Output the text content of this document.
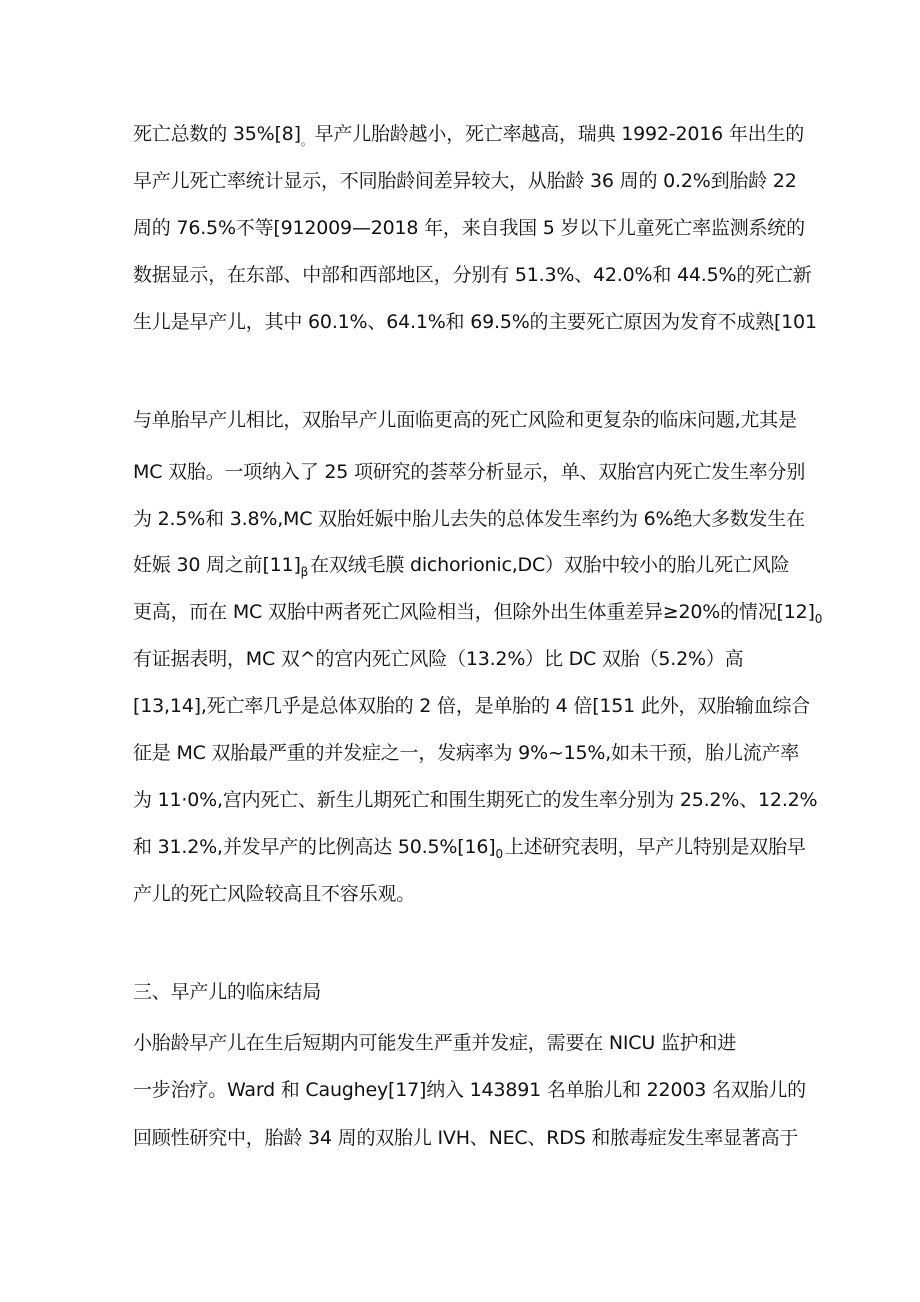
死亡总数的 $35\%[8]_。$ 早产儿胎龄越小，死亡率越高，瑞典 1992-2016 年出生的
早产儿死亡率统计显示，不同胎龄间差异较大，从胎龄 36 周的 0.2%到胎龄 22
周的 76.5%不等[912009—2018 年，来自我国 5 岁以下儿童死亡率监测系统的
数据显示，在东部、中部和西部地区，分别有 51.3%、42.0%和 44.5%的死亡新
生儿是早产儿，其中 60.1%、64.1%和 69.5%的主要死亡原因为发育不成熟[101
与单胎早产儿相比，双胎早产儿面临更高的死亡风险和更复杂的临床问题,尤其是
MC 双胎。一项纳入了 25 项研究的荟萃分析显示，单、双胎宫内死亡发生率分别
为 2.5%和 3.8%,MC 双胎妊娠中胎儿去失的总体发生率约为 6%绝大多数发生在
妊娠 30 周之前$[11]_\beta$ 在双绒毛膜 dichorionic,DC）双胎中较小的胎儿死亡风险
更高，而在 MC 双胎中两者死亡风险相当，但除外出生体重差异≥20%的情况$[12]_0$
有证据表明，MC 双^的宫内死亡风险（13.2%）比 DC 双胎（5.2%）高
[13,14],死亡率几乎是总体双胎的 2 倍，是单胎的 4 倍[151 此外，双胎输血综合
征是 MC 双胎最严重的并发症之一，发病率为 9%~15%,如未干预，胎儿流产率
为 11·0%,宫内死亡、新生儿期死亡和围生期死亡的发生率分别为 25.2%、12.2%
和 31.2%,并发早产的比例高达 $50.5\%[16]_0$ 上述研究表明，早产儿特别是双胎早
产儿的死亡风险较高且不容乐观。
三、早产儿的临床结局
小胎龄早产儿在生后短期内可能发生严重并发症，需要在 NICU 监护和进
一步治疗。Ward 和 Caughey[17]纳入 143891 名单胎儿和 22003 名双胎儿的
回顾性研究中，胎龄 34 周的双胎儿 IVH、NEC、RDS 和脓毒症发生率显著高于
